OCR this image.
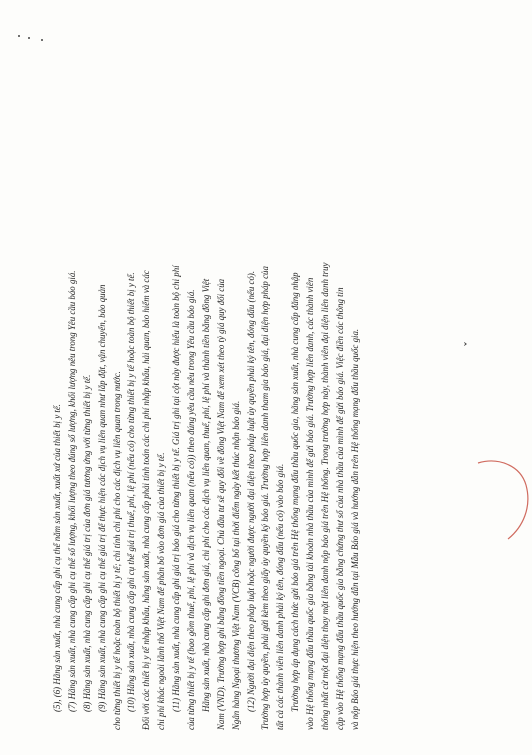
(5), (6) Hãng sản xuất, nhà cung cấp ghi cụ thể năm sản xuất, xuất xứ của thiết bị y tế. (7) Hãng sản xuất, nhà cung cấp ghi cụ thể số lượng, khối lượng theo đúng số lượng, khối lượng nêu trong Yêu cầu báo giá. (8) Hãng sản xuất, nhà cung cấp ghi cụ thể giá trị của đơn giá tương ứng với từng thiết bị y tế. (9) Hãng sản xuất, nhà cung cấp ghi cụ thể giá trị để thực hiện các dịch vụ liên quan như lắp đặt, vận chuyển, bảo quản cho từng thiết bị y tế hoặc toàn bộ thiết bị y tế; chi tính chi phí cho các dịch vụ liên quan trong nước. (10) Hãng sản xuất, nhà cung cấp ghi cụ thể giá trị thuế, phí, lệ phí (nếu có) cho từng thiết bị y tế hoặc toàn bộ thiết bị y tế. Đối với các thiết bị y tế nhập khẩu, hãng sản xuất, nhà cung cấp phải tính toán các chi phí nhập khẩu, hải quan, bảo hiểm và các chi phí khác ngoài lãnh thổ Việt Nam để phân bổ vào đơn giá của thiết bị y tế. (11) Hãng sản xuất, nhà cung cấp ghi giá trị báo giá cho từng thiết bị y tế. Giá trị ghi tại cột này được hiểu là toàn bộ chi phí của từng thiết bị y tế (bao gồm thuế, phí, lệ phí và dịch vụ liên quan (nếu có)) theo đúng yêu cầu nêu trong Yêu cầu báo giá. Hãng sản xuất, nhà cung cấp ghi đơn giá, chi phí cho các dịch vụ liên quan, thuế, phí, lệ phí và thành tiền bằng đồng Việt Nam (VND). Trường hợp ghi bằng đồng tiền ngoại. Chủ đầu tư sẽ quy đổi về đồng Việt Nam để xem xét theo tỷ giá quy đổi của Ngân hàng Ngoại thương Việt Nam (VCB) công bố tại thời điểm ngày kết thúc nhận báo giá. (12) Người đại diện theo pháp luật hoặc người được người đại diện theo pháp luật ủy quyền phải ký tên, đóng dấu (nếu có). Trường hợp ủy quyền, phải gửi kèm theo giấy ủy quyền ký báo giá. Trường hợp liên danh tham gia báo giá, đại diện hợp pháp của tất cả các thành viên liên danh phải ký tên, đóng dấu (nếu có) vào báo giá. Trường hợp áp dụng cách thức gửi báo giá trên Hệ thống mạng đấu thầu quốc gia, hãng sản xuất, nhà cung cấp đăng nhập vào Hệ thống mạng đấu thầu quốc gia bằng tài khoản nhà thầu của mình để gửi báo giá. Trường hợp liên danh, các thành viên thống nhất cử một đại diện thay mặt liên danh nộp báo giá trên Hệ thống. Trong trường hợp này, thành viên đại diện liên danh truy cập vào Hệ thống mạng đấu thầu quốc gia bằng chứng thư số của nhà thầu của mình để gửi báo giá. Việc điền các thông tin và nộp Báo giá thực hiện theo hướng dẫn tại Mẫu Báo giá và hướng dẫn trên Hệ thống mạng đấu thầu quốc gia.	ˇ
